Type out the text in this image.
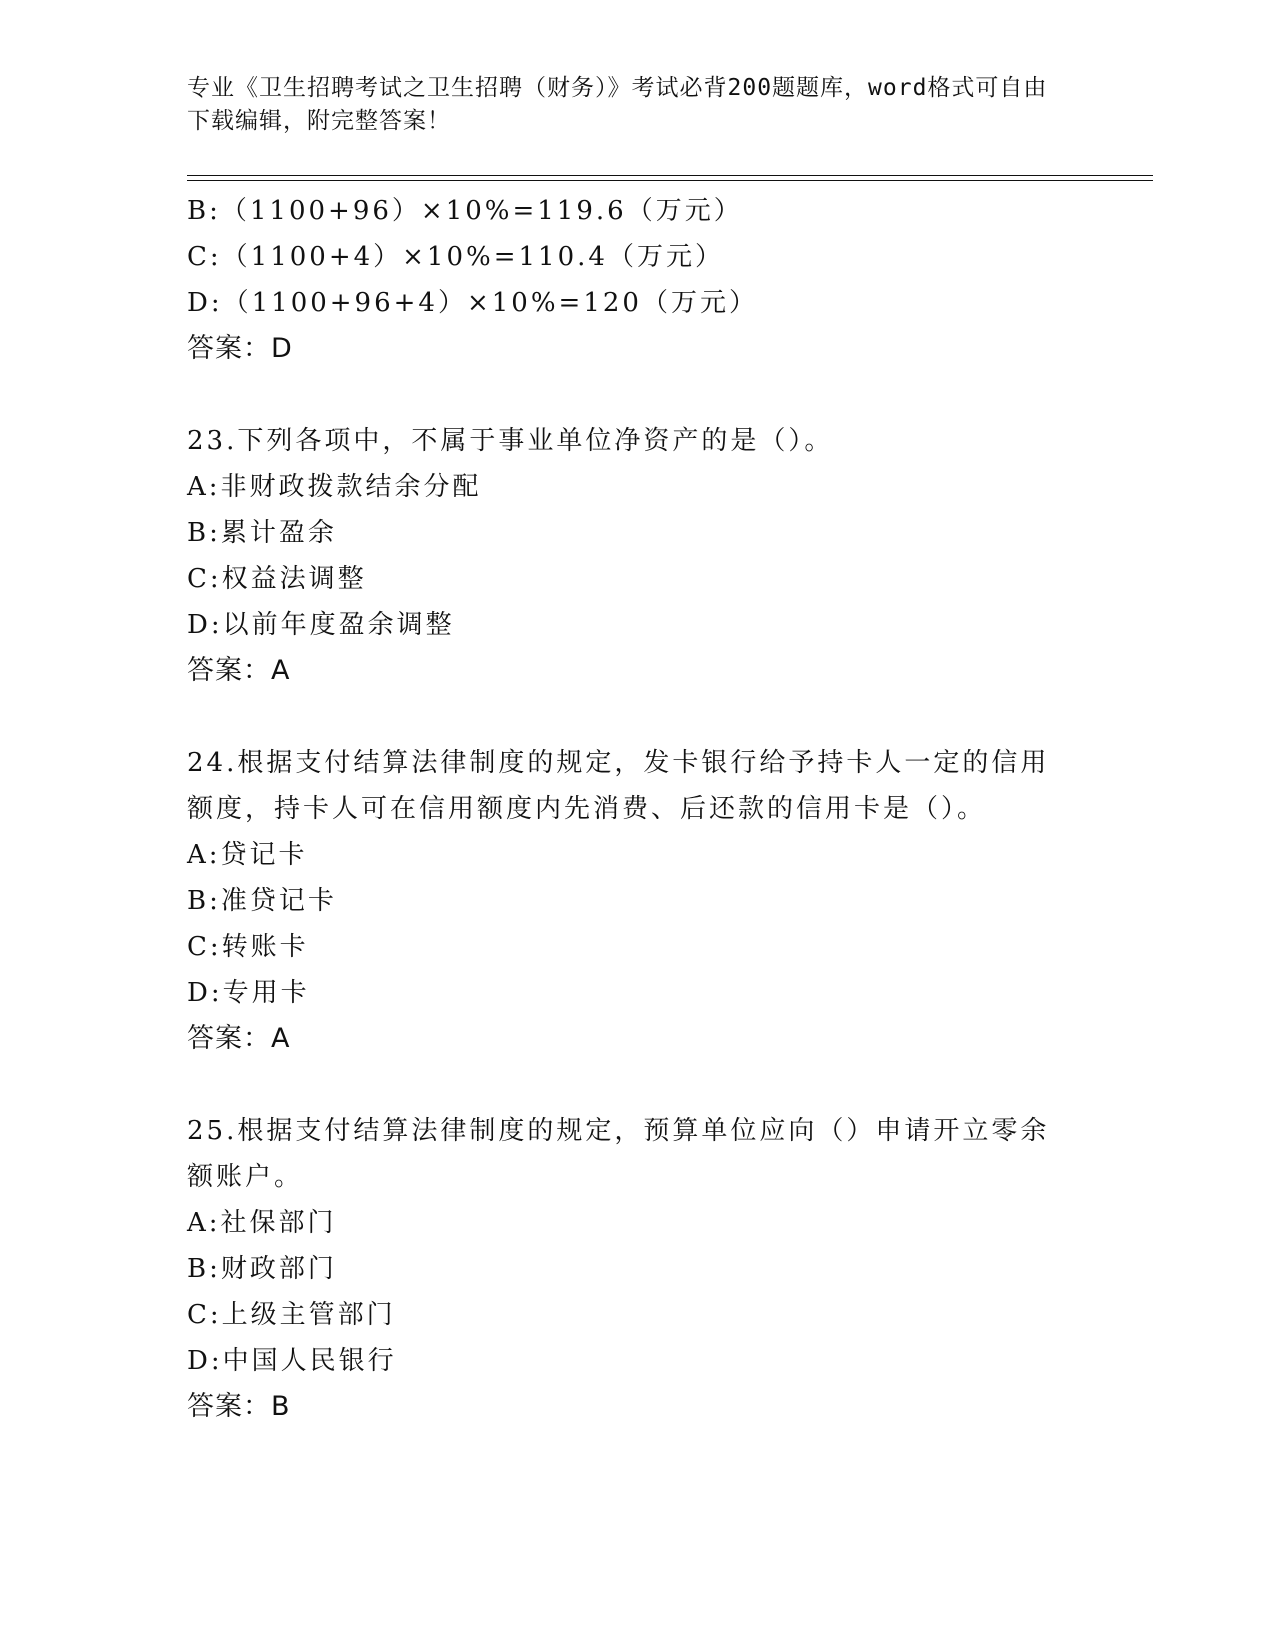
专业《卫生招聘考试之卫生招聘（财务）》考试必背200题题库，word格式可自由下载编辑，附完整答案！
B:（1100+96）×10%=119.6（万元）
C:（1100+4）×10%=110.4（万元）
D:（1100+96+4）×10%=120（万元）
答案：D
23.下列各项中，不属于事业单位净资产的是（）。
A:非财政拨款结余分配
B:累计盈余
C:权益法调整
D:以前年度盈余调整
答案：A
24.根据支付结算法律制度的规定，发卡银行给予持卡人一定的信用额度，持卡人可在信用额度内先消费、后还款的信用卡是（）。
A:贷记卡
B:准贷记卡
C:转账卡
D:专用卡
答案：A
25.根据支付结算法律制度的规定，预算单位应向（）申请开立零余额账户。
A:社保部门
B:财政部门
C:上级主管部门
D:中国人民银行
答案：B
